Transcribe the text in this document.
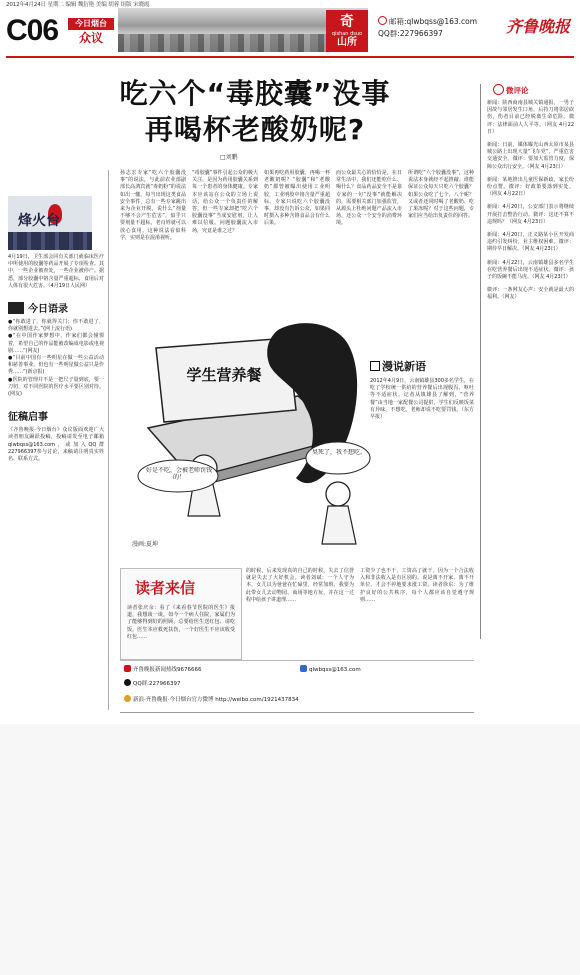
2012年4月24日 星期二 编辑 魏衍艳 美编 胡蓉 组版 宋晓霞
C06	今日烟台
众议
奇
qishan dsuo
山所
邮箱:qlwbqss@163.com
QQ群:227966397	齐鲁晚报
吃六个“毒胶囊”没事
再喝杯老酸奶呢?
□刘鹏
烽火台

4月19日，卫生部会同有关部门就临床医疗中所使用的胶囊等药品开展了专项检查。其中，一些企业被查处，一些企业被停产。据悉，部分胶囊中铬含量严重超标，食用后对人体有很大危害。（4月19日人民网）

今日语录

●“你敢进了，你就得关门；你不敢进了，你就别想进去。”(网上流行语)

●“在中国作家梦想中，作家们都会憧憬着，希望自己的作品能被改编成电影或电视剧……”(网友)

●“目前中国有一些明星在做一些公益活动和慈善事业，但也有一些明星做公益只是作秀……”(新京报)

●医院的管理并不是一把尺子量到底，要一刀切，对不同医院的医疗水平要区别对待。(网友)

征稿启事

《齐鲁晚报·今日烟台》众议版面欢迎广大读者朋友踊跃投稿，投稿请发至电子邮箱qlwbqss@163.com，或加入QQ群227966397参与讨论，来稿请注明真实姓名、联系方式。

孙志宏专家“吃六个胶囊没事”的说法，与此前农业部副部长高鸿宾就“毒奶粉”的说法如出一辙。每当出现这类食品安全事件，总有一些专家跳出来为企业开脱，说什么“剂量不够不会产生危害”，似乎只要剂量不超标，老百姓就可以放心食用。这种说法看似科学，实则是在混淆视听。

“毒胶囊”事件引起公众的极大关注，是因为药用胶囊关系到每一个患者的身体健康。专家本应该站在公众的立场上说话，给公众一个负责任的解答，但一些专家却把“吃六个胶囊没事”当成安慰剂，让人难以信服。问题胶囊流入市场，究竟是谁之过？

如果再吃药用胶囊，再喝一杯老酸奶呢？“胶囊”和“老酸奶”都曾被曝出使用工业明胶，工业明胶中铬含量严重超标。专家只说吃六个胶囊没事，却没有告诉公众，如果同时摄入多种含铬食品会有什么后果。

而公众最关心的恰恰是，在日常生活中，我们还能吃什么、喝什么？食品药品安全不是靠专家的一句“没事”就能解决的，需要相关部门加强监管，从源头上杜绝问题产品流入市场，还公众一个安全的消费环境。

所谓吃“六个胶囊没事”，这种说法本身就经不起推敲。谁能保证公众每天只吃六个胶囊？如果公众吃了七个、八个呢？又或者还同时喝了老酸奶、吃了果冻呢？对于这些问题，专家们应当给出负责任的回答。

学生营养餐
好是不吃，会被老师罚钱的！
臭死了，我不想吃。
漫画:夏坤
漫说新语

2012年4月9日，云南镇雄县300多名学生，在吃了学校统一供给的营养餐后出现腹泻、呕吐等不适症状。记者从镇雄县了解到，“营养餐”由当地一家配餐公司提供，学生们反映饭菜有异味，不想吃。老师却说不吃要罚钱。（东方早报）

读者来信

读者张庆余：看了《来看春节医院的医生》报道，我想谈一谈。如今一个病人住院，家属们为了能够得到好的照顾，总要给医生送红包、请吃饭。医生本应救死扶伤，一个好医生不应该收受红包……

的时候，后来发现真的自己的时候，失去了信誉就是失去了大好机会。读者刘斌：一个人守为本，女儿以为爸爸在忙碌里，经常加班，我要为此带女儿去动物园、商场等地方玩，并在这一过程中给孩子讲道理……

工资少了也不干，工资高了就干。因为一个合法收入和非法收入是有区别的。说是离不开家，离不开单位，才会不停地要求涨工资。读者徐东：为了维护良好的公共秩序，每个人都应该自觉遵守规则……

齐鲁晚报新闻热线9676666	qlwbqss@163.com
QQ群:227966397
新浪·齐鲁晚报·今日烟台官方微博 http://weibo.com/1921437834
微评论

新闻：陕西商南县城关镇通报，一男子因故与邻居发生口角，后持刀将邻居砍伤，伤者目前已经脱离生命危险。微评：法律面前人人平等。（网友 4月22日）

新闻：日前，媒体曝光山西太原市某县城公路上出现大量“飞车党”，严重危害交通安全。微评：要加大监管力度，保障公众出行安全。（网友 4月23日）

新闻：某地推出儿童医保新政，家长纷纷点赞。微评：好政策要落到实处。（网友 4月22日）

新闻：4月20日，公安部门表示将继续开展打击整治行动。微评：这还不算不违规吗？（网友 4月23日）

新闻：4月20日，正义路某小区开发商违约引发纠纷，业主维权困难。微评：期待早日解决。（网友 4月23日）

新闻：4月22日，云南镇雄县多名学生在吃营养餐后出现不适症状。微评：孩子的饭碗不能马虎。（网友 4月23日）

微评：一条网友心声：安全就是最大的福利。（网友）
